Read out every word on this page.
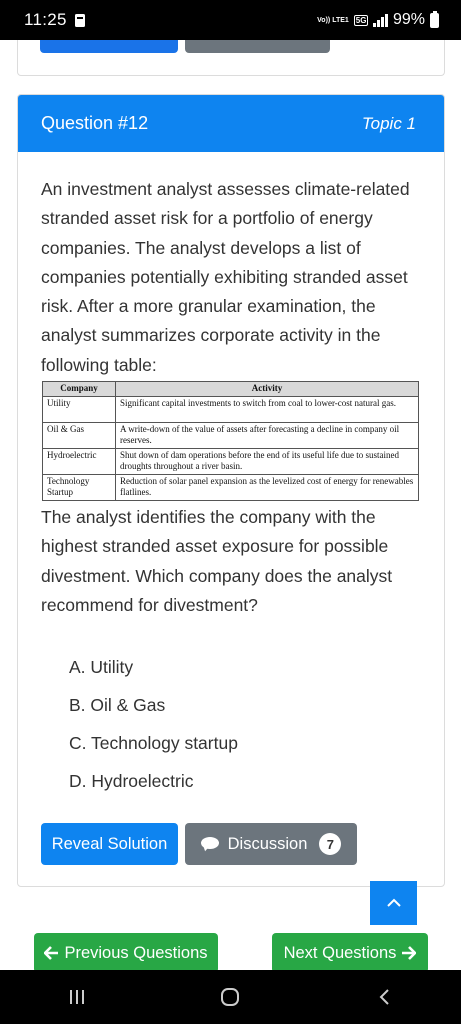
11:25	Vo)) LTE1 5G 99%
Question #12	Topic 1

An investment analyst assesses climate-related stranded asset risk for a portfolio of energy companies. The analyst develops a list of companies potentially exhibiting stranded asset risk. After a more granular examination, the analyst summarizes corporate activity in the following table:

Company	Activity
Utility	Significant capital investments to switch from coal to lower-cost natural gas.
Oil & Gas	A write-down of the value of assets after forecasting a decline in company oil reserves.
Hydroelectric	Shut down of dam operations before the end of its useful life due to sustained droughts throughout a river basin.
Technology Startup	Reduction of solar panel expansion as the levelized cost of energy for renewables flatlines.

The analyst identifies the company with the highest stranded asset exposure for possible divestment. Which company does the analyst recommend for divestment?

A. Utility
B. Oil & Gas
C. Technology startup
D. Hydroelectric
Reveal Solution	Discussion	7
Previous Questions	Next Questions
